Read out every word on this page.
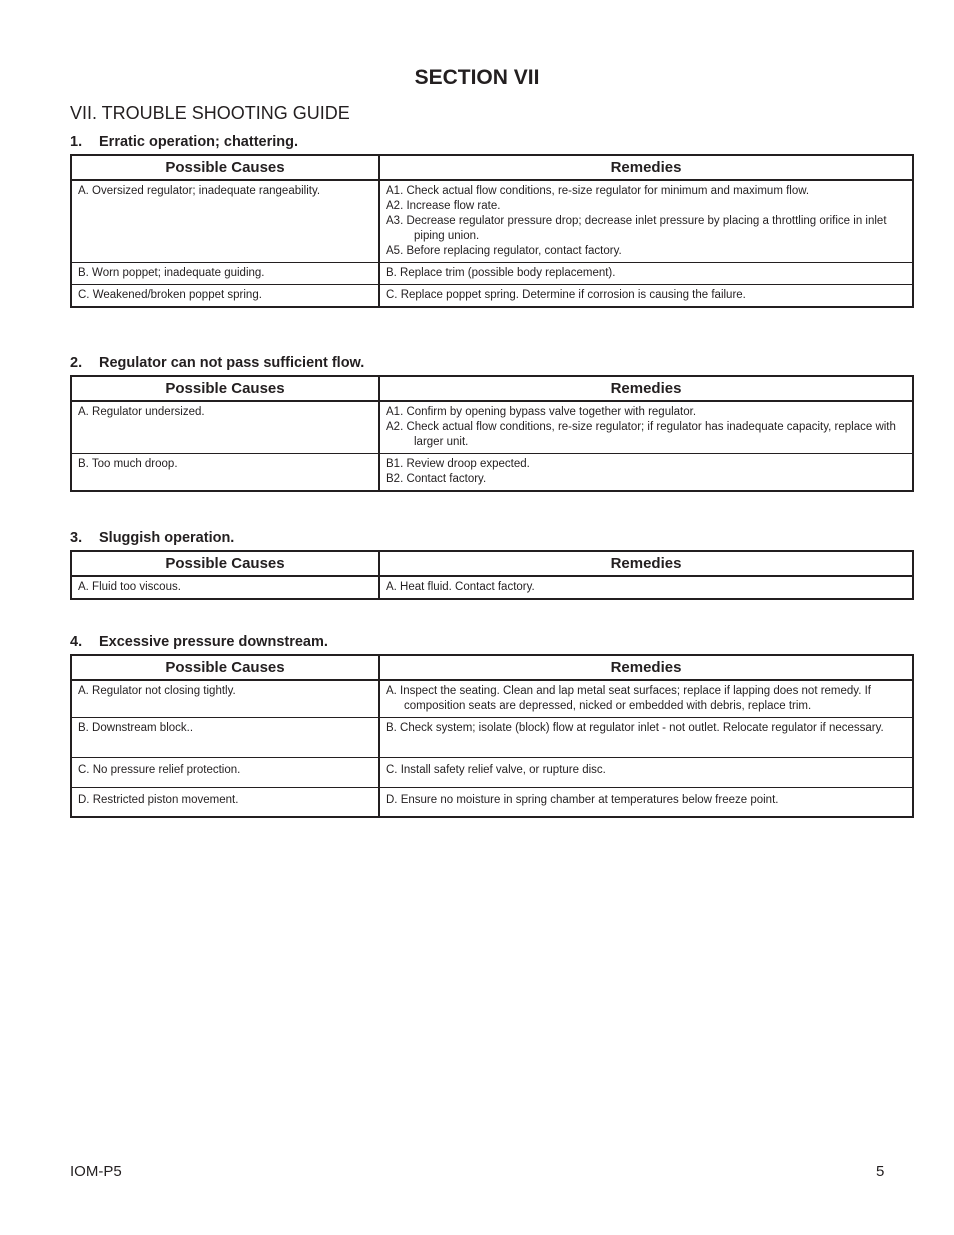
SECTION VII
VII. TROUBLE SHOOTING GUIDE

1. Erratic operation; chattering.

Possible Causes	Remedies
A. Oversized regulator; inadequate rangeability.	A1. Check actual flow conditions, re-size regulator for minimum and maximum flow.
A2. Increase flow rate.
A3. Decrease regulator pressure drop; decrease inlet pressure by placing a throttling orifice in inlet piping union.
A5. Before replacing regulator, contact factory.

B. Worn poppet; inadequate guiding.	B. Replace trim (possible body replacement).

C. Weakened/broken poppet spring.	C. Replace poppet spring. Determine if corrosion is causing the failure.

2. Regulator can not pass sufficient flow.

Possible Causes	Remedies
A. Regulator undersized.	A1. Confirm by opening bypass valve together with regulator.
A2. Check actual flow conditions, re-size regulator; if regulator has inadequate capacity, replace with larger unit.

B. Too much droop.	B1. Review droop expected.
B2. Contact factory.

3. Sluggish operation.

Possible Causes	Remedies
A. Fluid too viscous.	A. Heat fluid. Contact factory.

4. Excessive pressure downstream.

Possible Causes	Remedies
A. Regulator not closing tightly.	A. Inspect the seating. Clean and lap metal seat surfaces; replace if lapping does not remedy. If composition seats are depressed, nicked or embedded with debris, replace trim.

B. Downstream block..	B. Check system; isolate (block) flow at regulator inlet - not outlet. Relocate regulator if necessary.

C. No pressure relief protection.	C. Install safety relief valve, or rupture disc.

D. Restricted piston movement.	D. Ensure no moisture in spring chamber at temperatures below freeze point.

IOM-P5	5
